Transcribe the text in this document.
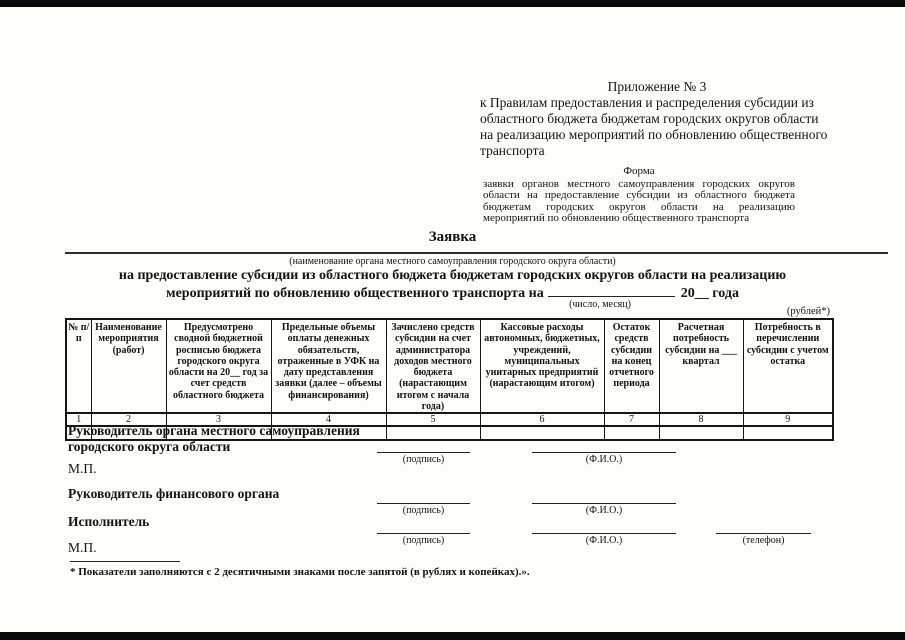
Приложение № 3
к Правилам предоставления и распределения субсидии из областного бюджета бюджетам городских округов области на реализацию мероприятий по обновлению общественного транспорта
Форма
заявки органов местного самоуправления городских округов области на предоставление субсидии из областного бюджета бюджетам городских округов области на реализацию мероприятий по обновлению общественного транспорта
Заявка
(наименование органа местного самоуправления городского округа области)
на предоставление субсидии из областного бюджета бюджетам городских округов области на реализацию
мероприятий по обновлению общественного транспорта на	20__ года
(число, месяц)
(рублей*)
№ п/п	Наименование мероприятия (работ)	Предусмотрено сводной бюджетной росписью бюджета городского округа области на 20__ год за счет средств областного бюджета	Предельные объемы оплаты денежных обязательств, отраженные в УФК на дату представления заявки (далее – объемы финансирования)	Зачислено средств субсидии на счет администратора доходов местного бюджета (нарастающим итогом с начала года)	Кассовые расходы автономных, бюджетных, учреждений, муниципальных унитарных предприятий (нарастающим итогом)	Остаток средств субсидии на конец отчетного периода	Расчетная потребность субсидии на ___ квартал	Потребность в перечислении субсидии с учетом остатка
1	2	3	4	5	6	7	8	9

Руководитель органа местного самоуправления городского округа области
(подпись)	(Ф.И.О.)
М.П.
Руководитель финансового органа
(подпись)	(Ф.И.О.)
Исполнитель
(подпись)	(Ф.И.О.)	(телефон)
М.П.
* Показатели заполняются с 2 десятичными знаками после запятой (в рублях и копейках).».
